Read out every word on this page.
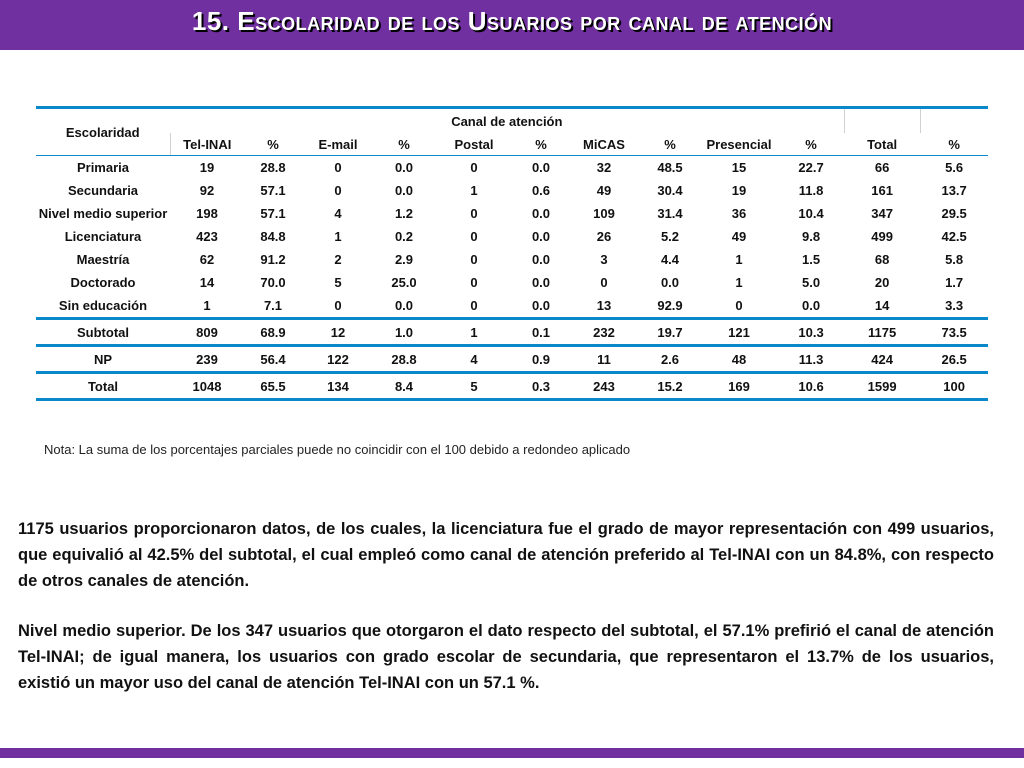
15. Escolaridad de los Usuarios por canal de atención
Escolaridad	Canal de atención											
	Tel-INAI	%	E-mail	%	Postal	%	MiCAS	%	Presencial	%	Total	%
Primaria	19	28.8	0	0.0	0	0.0	32	48.5	15	22.7	66	5.6
Secundaria	92	57.1	0	0.0	1	0.6	49	30.4	19	11.8	161	13.7
Nivel medio superior	198	57.1	4	1.2	0	0.0	109	31.4	36	10.4	347	29.5
Licenciatura	423	84.8	1	0.2	0	0.0	26	5.2	49	9.8	499	42.5
Maestría	62	91.2	2	2.9	0	0.0	3	4.4	1	1.5	68	5.8
Doctorado	14	70.0	5	25.0	0	0.0	0	0.0	1	5.0	20	1.7
Sin educación	1	7.1	0	0.0	0	0.0	13	92.9	0	0.0	14	3.3
Subtotal	809	68.9	12	1.0	1	0.1	232	19.7	121	10.3	1175	73.5
NP	239	56.4	122	28.8	4	0.9	11	2.6	48	11.3	424	26.5
Total	1048	65.5	134	8.4	5	0.3	243	15.2	169	10.6	1599	100
Nota: La suma de los porcentajes parciales puede no coincidir con el 100 debido a redondeo aplicado

1175 usuarios proporcionaron datos, de los cuales, la licenciatura fue el grado de mayor representación con 499 usuarios, que equivalió al 42.5% del subtotal, el cual empleó como canal de atención preferido al Tel-INAI con un 84.8%, con respecto de otros canales de atención.

Nivel medio superior. De los 347 usuarios que otorgaron el dato respecto del subtotal, el 57.1% prefirió el canal de atención Tel-INAI; de igual manera, los usuarios con grado escolar de secundaria, que representaron el 13.7% de los usuarios, existió un mayor uso del canal de atención Tel-INAI con un 57.1 %.
